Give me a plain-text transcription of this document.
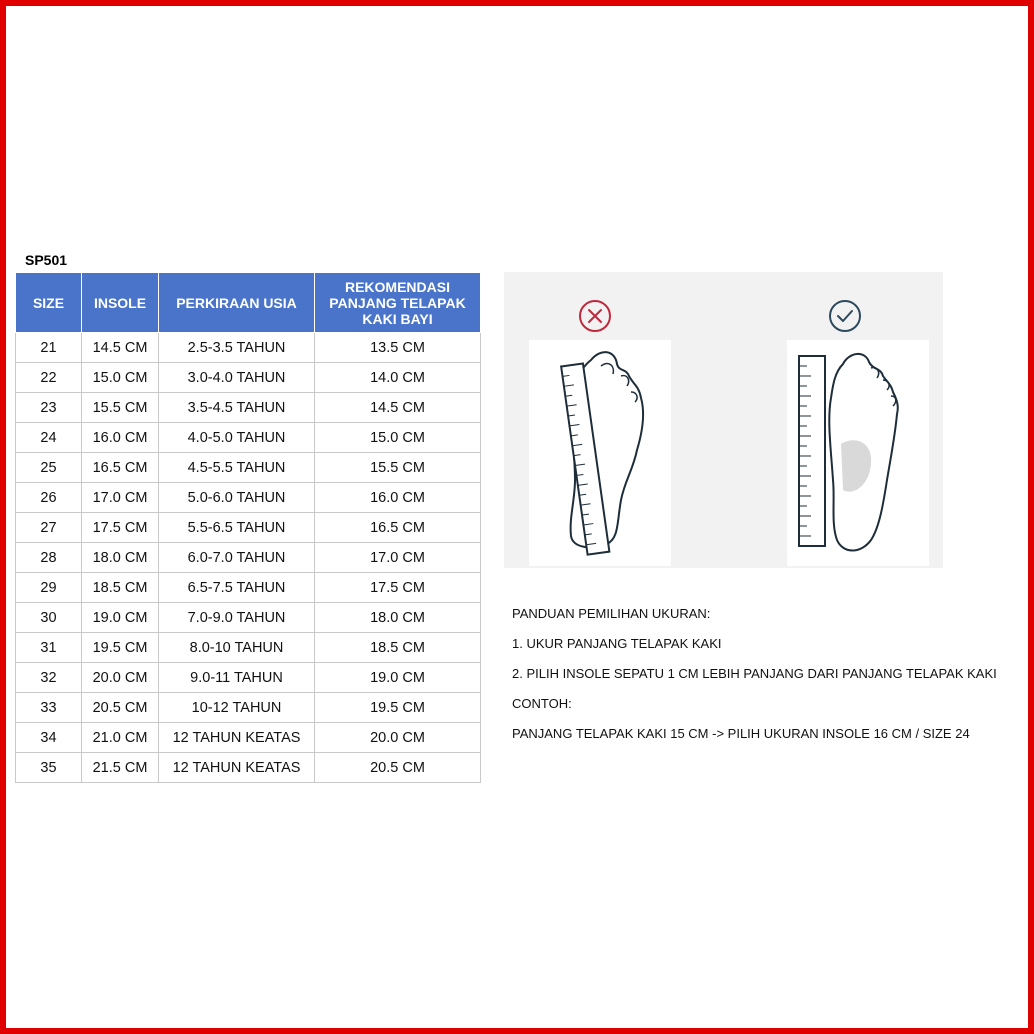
SP501
SIZE	INSOLE	PERKIRAAN USIA	REKOMENDASI PANJANG TELAPAK KAKI BAYI
21	14.5 CM	2.5-3.5 TAHUN	13.5 CM
22	15.0 CM	3.0-4.0 TAHUN	14.0 CM
23	15.5 CM	3.5-4.5 TAHUN	14.5 CM
24	16.0 CM	4.0-5.0 TAHUN	15.0 CM
25	16.5 CM	4.5-5.5 TAHUN	15.5 CM
26	17.0 CM	5.0-6.0 TAHUN	16.0 CM
27	17.5 CM	5.5-6.5 TAHUN	16.5 CM
28	18.0 CM	6.0-7.0 TAHUN	17.0 CM
29	18.5 CM	6.5-7.5 TAHUN	17.5 CM
30	19.0 CM	7.0-9.0 TAHUN	18.0 CM
31	19.5 CM	8.0-10 TAHUN	18.5 CM
32	20.0 CM	9.0-11 TAHUN	19.0 CM
33	20.5 CM	10-12 TAHUN	19.5 CM
34	21.0 CM	12 TAHUN KEATAS	20.0 CM
35	21.5 CM	12 TAHUN KEATAS	20.5 CM
PANDUAN PEMILIHAN UKURAN:
1. UKUR PANJANG TELAPAK KAKI
2. PILIH INSOLE SEPATU 1 CM LEBIH PANJANG DARI PANJANG TELAPAK KAKI
CONTOH:
PANJANG TELAPAK KAKI 15 CM -> PILIH UKURAN INSOLE 16 CM / SIZE 24
